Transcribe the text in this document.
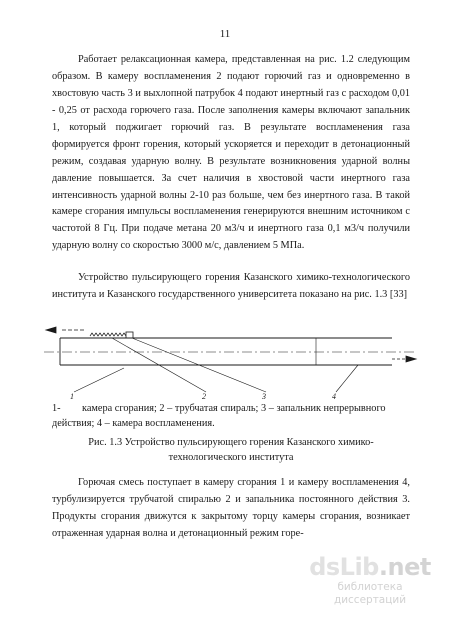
11

Работает релаксационная камера, представленная на рис. 1.2 следующим образом. В камеру воспламенения 2 подают горючий газ и одновременно в хвостовую часть 3 и выхлопной патрубок 4 подают инертный газ с расходом 0,01 - 0,25 от расхода горючего газа. После заполнения камеры включают запальник 1, который поджигает горючий газ. В результате воспламенения газа формируется фронт горения, который ускоряется и переходит в детонационный режим, создавая ударную волну. В результате возникновения ударной волны давление повышается. За счет наличия в хвостовой части инертного газа интенсивность ударной волны 2-10 раз больше, чем без инертного газа. В такой камере сгорания импульсы воспламенения генерируются внешним источником с частотой 8 Гц. При подаче метана 20 м3/ч и инертного газа 0,1 м3/ч получили ударную волну со скоростью 3000 м/с, давлением 5 МПа.

Устройство пульсирующего горения Казанского химико-технологического института и Казанского государственного университета показано на рис. 1.3 [33]

1	2	3	4
1- камера сгорания; 2 – трубчатая спираль; 3 – запальник непрерывного действия; 4 – камера воспламенения.
Рис. 1.3 Устройство пульсирующего горения Казанского химико-
технологического института

Горючая смесь поступает в камеру сгорания 1 и камеру воспламенения 4, турбулизируется трубчатой спиралью 2 и запальника постоянного действия 3. Продукты сгорания движутся к закрытому торцу камеры сгорания, возникает отраженная ударная волна и детонационный режим горе-

dsLib.net
библиотека диссертаций
